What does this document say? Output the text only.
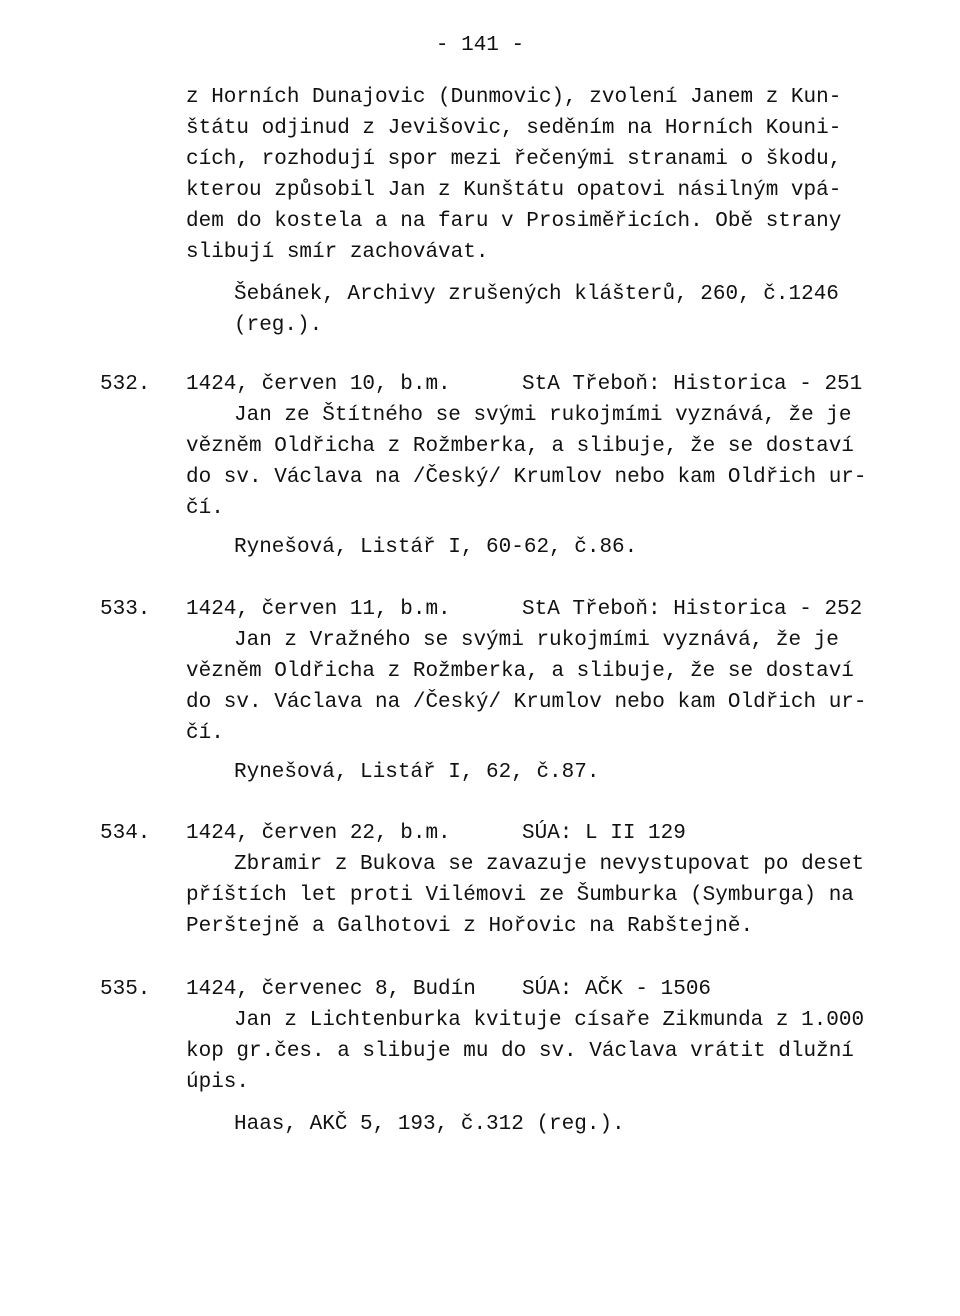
- 141 -
z Horních Dunajovic (Dunmovic), zvolení Janem z Kun-
štátu odjinud z Jevišovic, seděním na Horních Kouni-
cích, rozhodují spor mezi řečenými stranami o škodu,
kterou způsobil Jan z Kunštátu opatovi násilným vpá-
dem do kostela a na faru v Prosiměřicích. Obě strany
slibují smír zachovávat.
Šebánek, Archivy zrušených klášterů, 260, č.1246
(reg.).
532. 1424, červen 10, b.m.	StA Třeboň: Historica - 251
Jan ze Štítného se svými rukojmími vyznává, že je
vězněm Oldřicha z Rožmberka, a slibuje, že se dostaví
do sv. Václava na /Český/ Krumlov nebo kam Oldřich ur-
čí.
Rynešová, Listář I, 60-62, č.86.
533. 1424, červen 11, b.m.	StA Třeboň: Historica - 252
Jan z Vražného se svými rukojmími vyznává, že je
vězněm Oldřicha z Rožmberka, a slibuje, že se dostaví
do sv. Václava na /Český/ Krumlov nebo kam Oldřich ur-
čí.
Rynešová, Listář I, 62, č.87.
534. 1424, červen 22, b.m.	SÚA: L II 129
Zbramir z Bukova se zavazuje nevystupovat po deset
příštích let proti Vilémovi ze Šumburka (Symburga) na
Perštejně a Galhotovi z Hořovic na Rabštejně.
535. 1424, červenec 8, Budín SÚA: AČK - 1506
Jan z Lichtenburka kvituje císaře Zikmunda z 1.000
kop gr.čes. a slibuje mu do sv. Václava vrátit dlužní
úpis.
Haas, AKČ 5, 193, č.312 (reg.).
